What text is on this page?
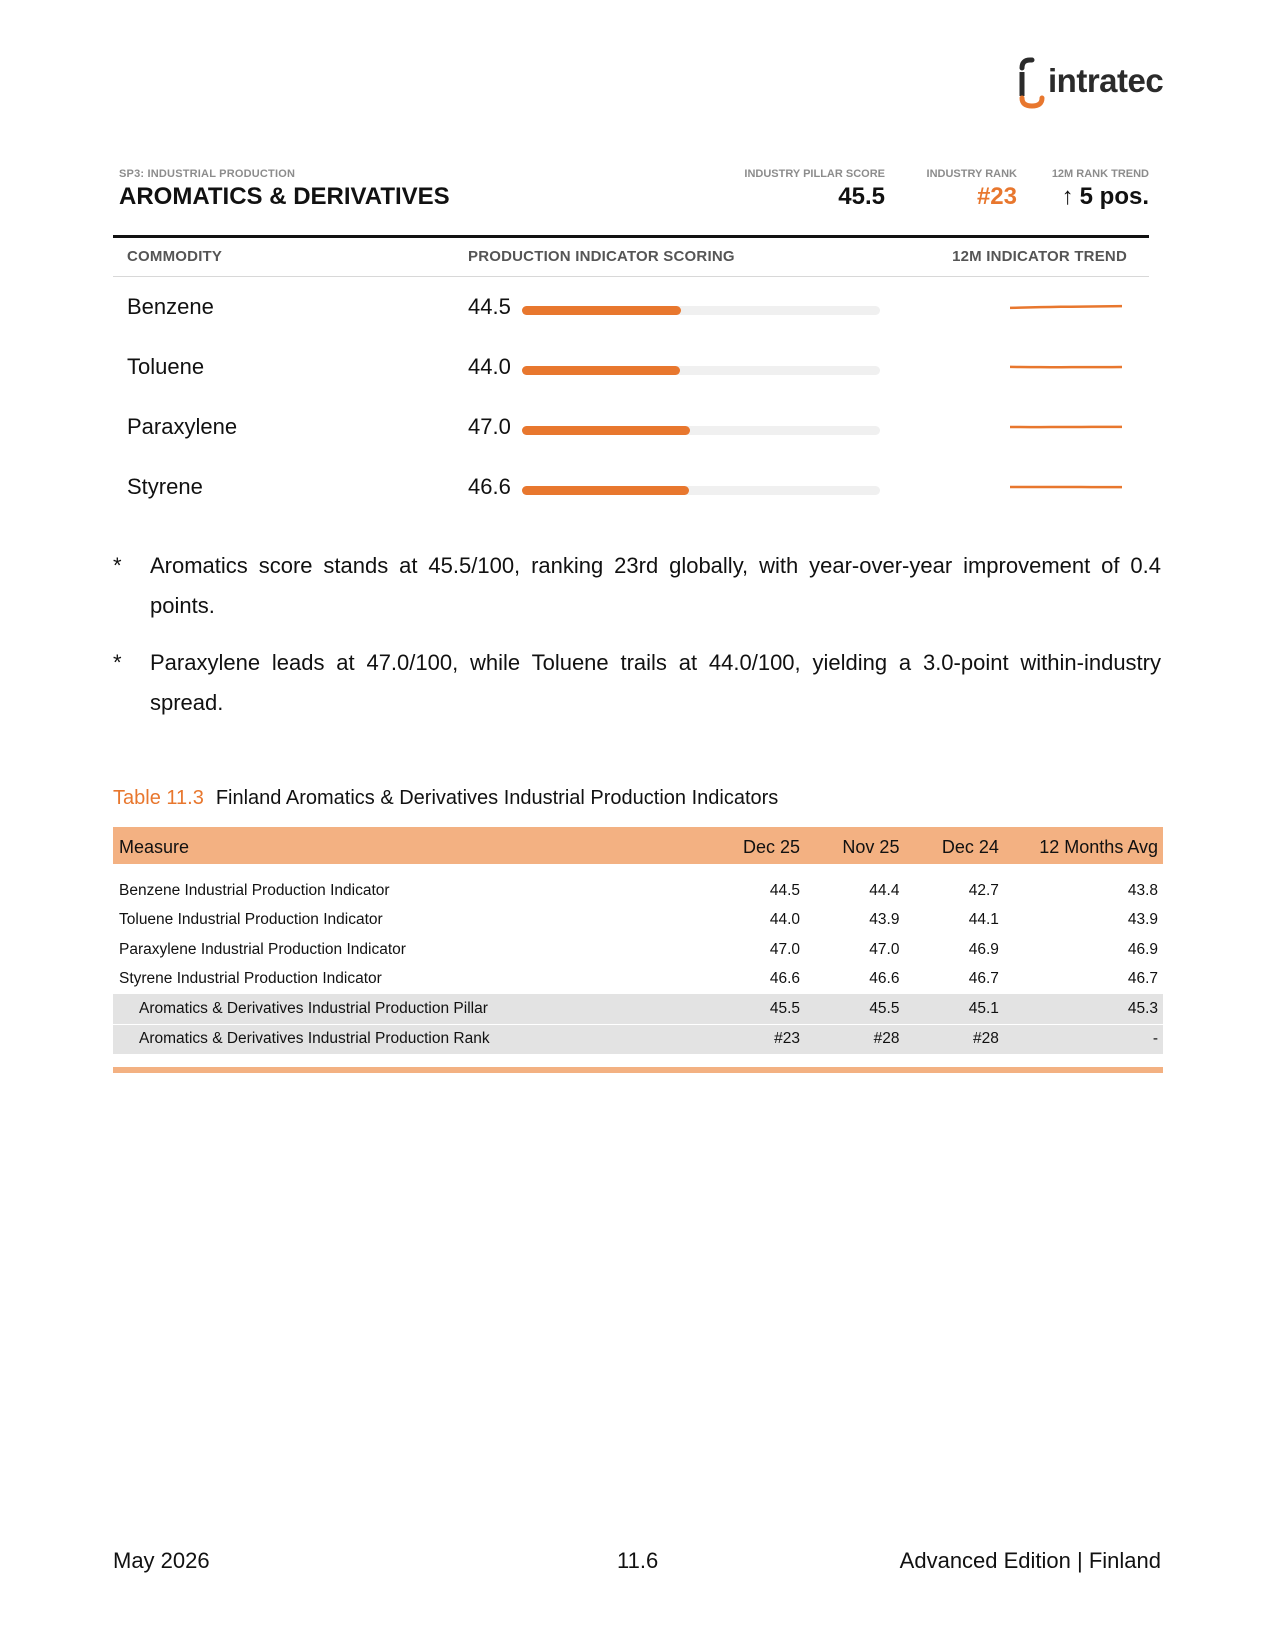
intratec
SP3: INDUSTRIAL PRODUCTION
AROMATICS & DERIVATIVES
INDUSTRY PILLAR SCORE
45.5
INDUSTRY RANK
#23
12M RANK TREND
↑ 5 pos.
COMMODITY	PRODUCTION INDICATOR SCORING	12M INDICATOR TREND
Benzene	44.5
Toluene	44.0
Paraxylene	47.0
Styrene	46.6
* Aromatics score stands at 45.5/100, ranking 23rd globally, with year-over-year improvement of 0.4 points.
* Paraxylene leads at 47.0/100, while Toluene trails at 44.0/100, yielding a 3.0-point within-industry spread.
Table 11.3 Finland Aromatics & Derivatives Industrial Production Indicators
Measure	Dec 25	Nov 25	Dec 24	12 Months Avg
Benzene Industrial Production Indicator	44.5	44.4	42.7	43.8
Toluene Industrial Production Indicator	44.0	43.9	44.1	43.9
Paraxylene Industrial Production Indicator	47.0	47.0	46.9	46.9
Styrene Industrial Production Indicator	46.6	46.6	46.7	46.7
Aromatics & Derivatives Industrial Production Pillar	45.5	45.5	45.1	45.3
Aromatics & Derivatives Industrial Production Rank	#23	#28	#28	-
May 2026	11.6	Advanced Edition | Finland
